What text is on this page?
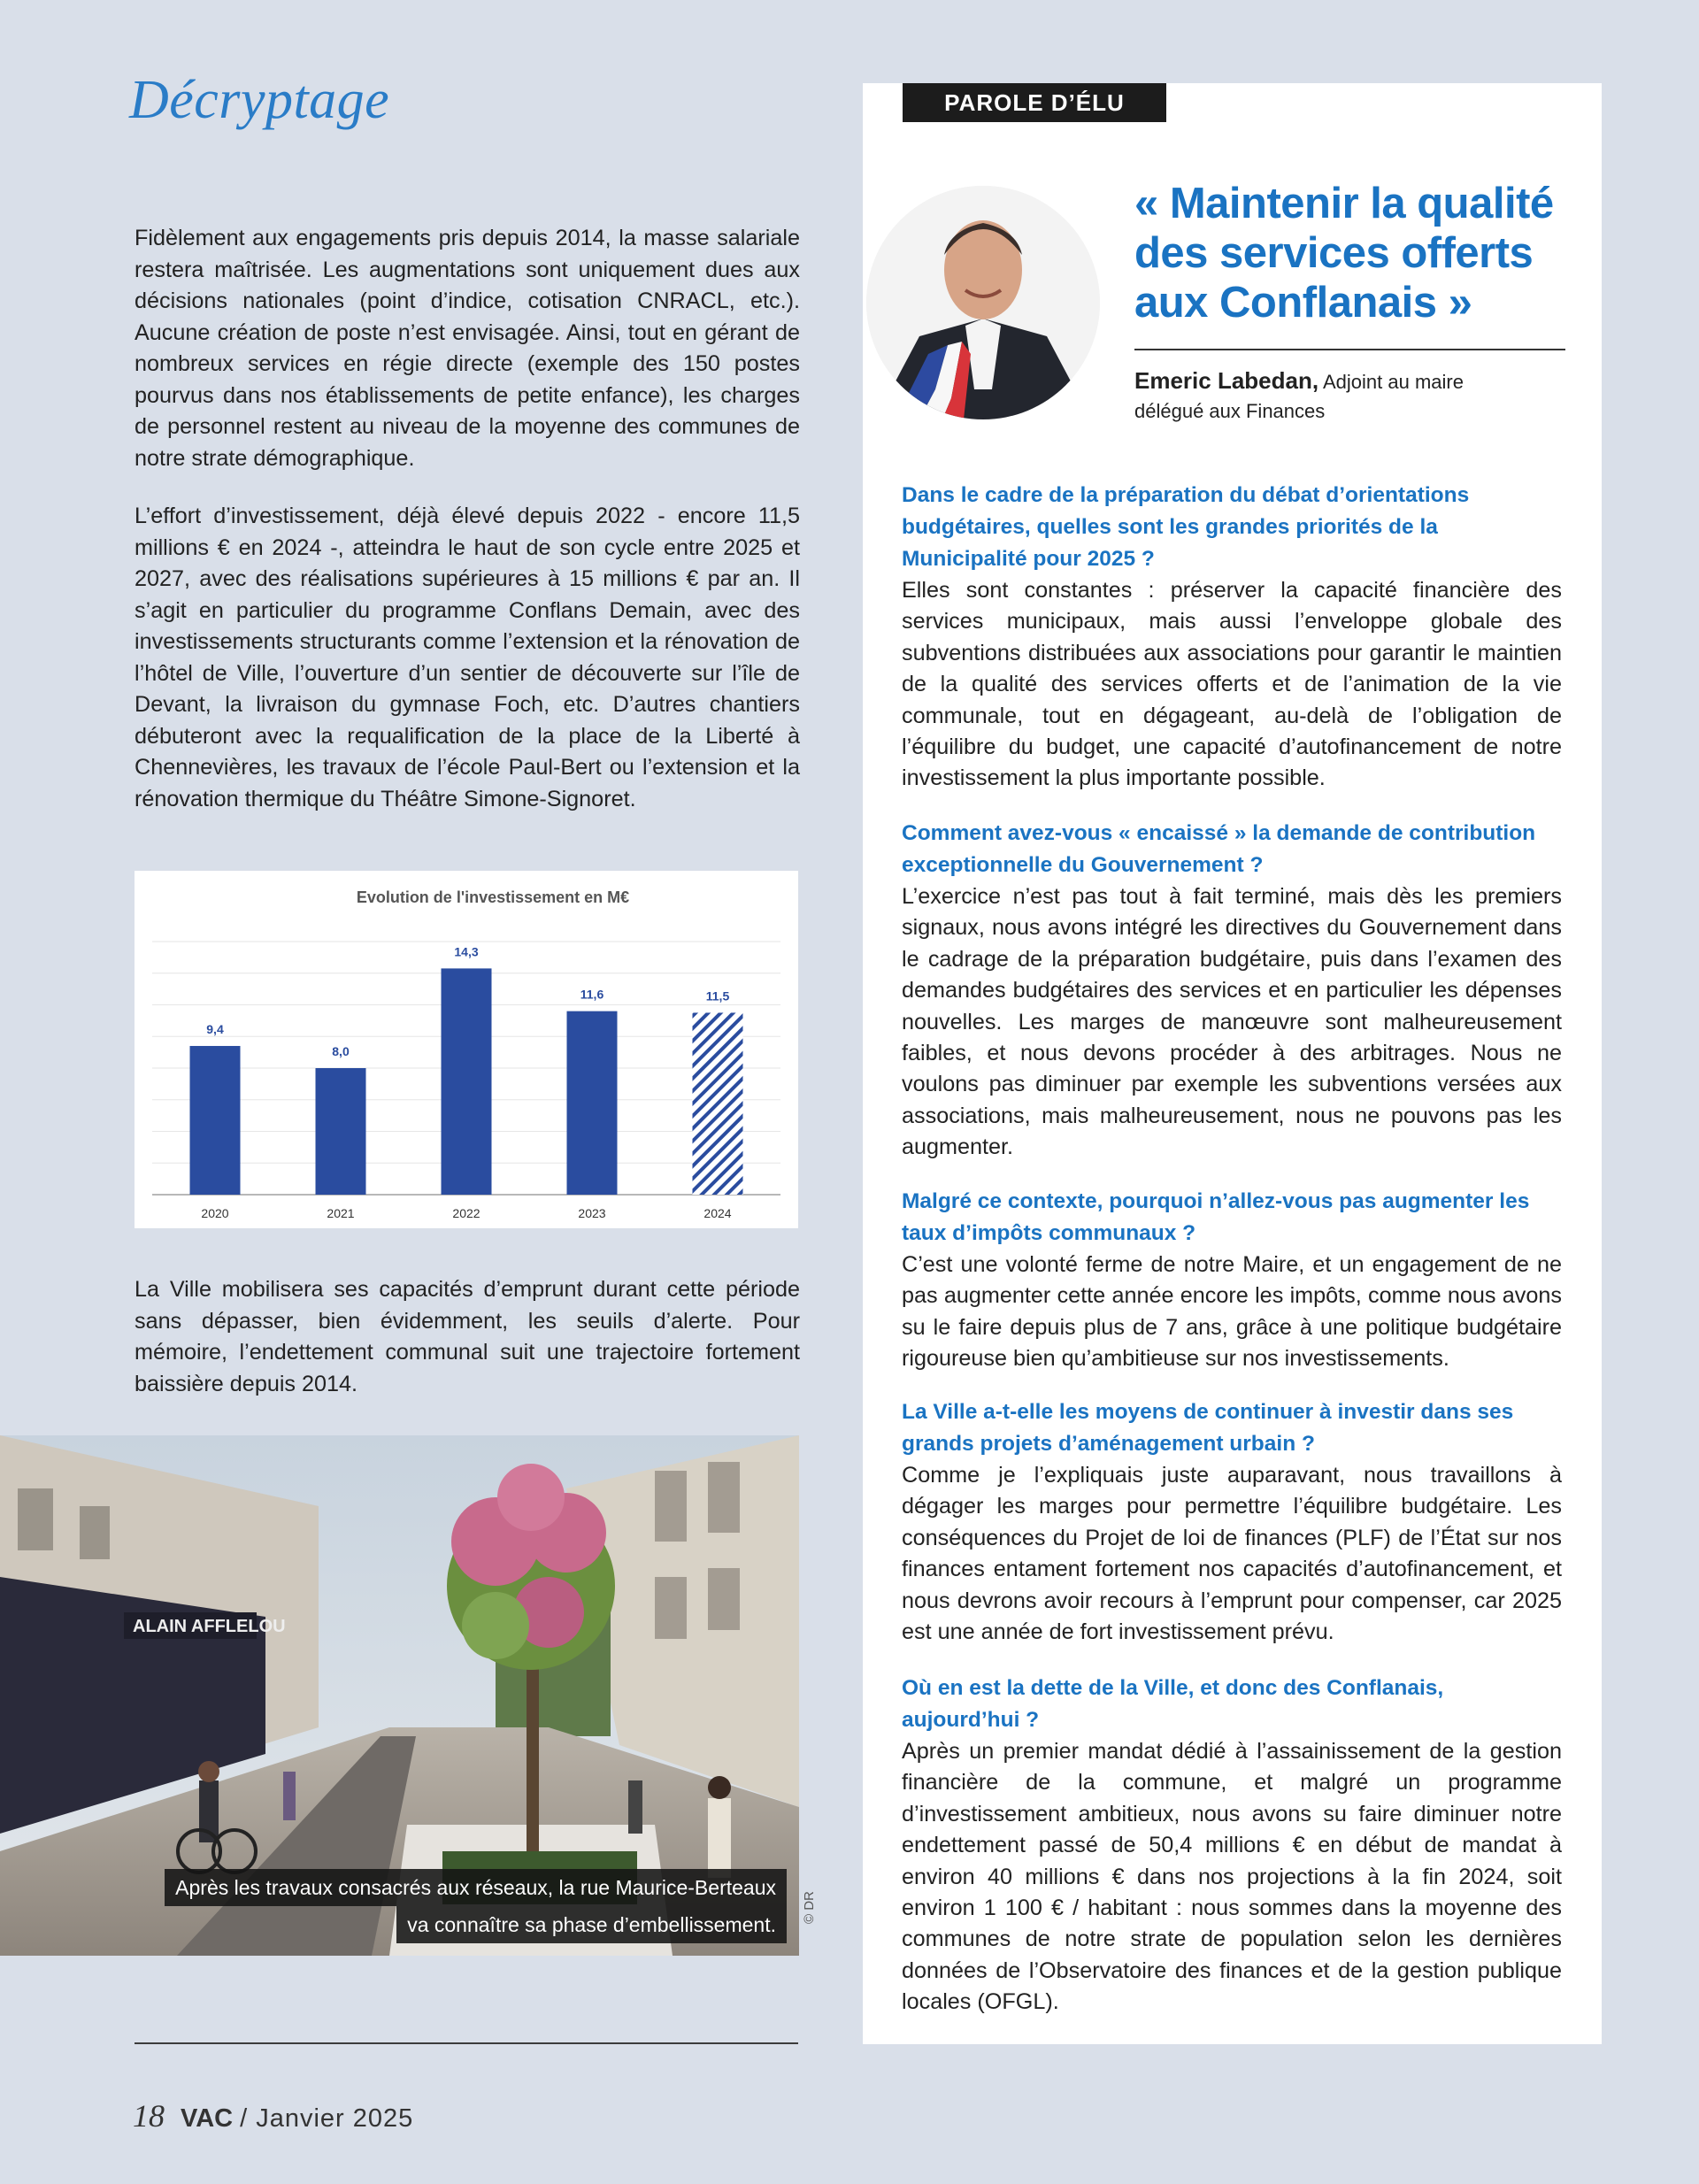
Décryptage

Fidèlement aux engagements pris depuis 2014, la masse salariale restera maîtrisée. Les augmentations sont uniquement dues aux décisions nationales (point d’indice, cotisation CNRACL, etc.). Aucune création de poste n’est envisagée. Ainsi, tout en gérant de nombreux services en régie directe (exemple des 150 postes pourvus dans nos établissements de petite enfance), les charges de personnel restent au niveau de la moyenne des communes de notre strate démographique.

L’effort d’investissement, déjà élevé depuis 2022 - encore 11,5 millions € en 2024 -, atteindra le haut de son cycle entre 2025 et 2027, avec des réalisations supérieures à 15 millions € par an. Il s’agit en particulier du programme Conflans Demain, avec des investissements structurants comme l’extension et la rénovation de l’hôtel de Ville, l’ouverture d’un sentier de découverte sur l’île de Devant, la livraison du gymnase Foch, etc. D’autres chantiers débuteront avec la requalification de la place de la Liberté à Chennevières, les travaux de l’école Paul-Bert ou l’extension et la rénovation thermique du Théâtre Simone-Signoret.

Evolution de l'investissement en M€
9,4
8,0
14,3
11,6	11,5
2020	2021	2022	2023	2024

La Ville mobilisera ses capacités d’emprunt durant cette période sans dépasser, bien évidemment, les seuils d’alerte. Pour mémoire, l’endettement communal suit une trajectoire fortement baissière depuis 2014.

ALAIN AFFLELOU
Après les travaux consacrés aux réseaux, la rue Maurice-Berteaux
va connaître sa phase d’embellissement.
© DR
18 VAC / Janvier 2025
PAROLE D’ÉLU
« Maintenir la qualité des services offerts aux Conflanais »
Emeric Labedan, Adjoint au maire
délégué aux Finances

Dans le cadre de la préparation du débat d’orientations budgétaires, quelles sont les grandes priorités de la Municipalité pour 2025 ?

Elles sont constantes : préserver la capacité financière des services municipaux, mais aussi l’enveloppe globale des subventions distribuées aux associations pour garantir le maintien de la qualité des services offerts et de l’animation de la vie communale, tout en dégageant, au-delà de l’obligation de l’équilibre du budget, une capacité d’autofinancement de notre investissement la plus importante possible.

Comment avez-vous « encaissé » la demande de contribution exceptionnelle du Gouvernement ?

L’exercice n’est pas tout à fait terminé, mais dès les premiers signaux, nous avons intégré les directives du Gouvernement dans le cadrage de la préparation budgétaire, puis dans l’examen des demandes budgétaires des services et en particulier les dépenses nouvelles. Les marges de manœuvre sont malheureusement faibles, et nous devons procéder à des arbitrages. Nous ne voulons pas diminuer par exemple les subventions versées aux associations, mais malheureusement, nous ne pouvons pas les augmenter.

Malgré ce contexte, pourquoi n’allez-vous pas augmenter les taux d’impôts communaux ?

C’est une volonté ferme de notre Maire, et un engagement de ne pas augmenter cette année encore les impôts, comme nous avons su le faire depuis plus de 7 ans, grâce à une politique budgétaire rigoureuse bien qu’ambitieuse sur nos investissements.

La Ville a-t-elle les moyens de continuer à investir dans ses grands projets d’aménagement urbain ?

Comme je l’expliquais juste auparavant, nous travaillons à dégager les marges pour permettre l’équilibre budgétaire. Les conséquences du Projet de loi de finances (PLF) de l’État sur nos finances entament fortement nos capacités d’autofinancement, et nous devrons avoir recours à l’emprunt pour compenser, car 2025 est une année de fort investissement prévu.

Où en est la dette de la Ville, et donc des Conflanais, aujourd’hui ?

Après un premier mandat dédié à l’assainissement de la gestion financière de la commune, et malgré un programme d’investissement ambitieux, nous avons su faire diminuer notre endettement passé de 50,4 millions € en début de mandat à environ 40 millions € dans nos projections à la fin 2024, soit environ 1 100 € / habitant : nous sommes dans la moyenne des communes de notre strate de population selon les dernières données de l’Observatoire des finances et de la gestion publique locales (OFGL).
